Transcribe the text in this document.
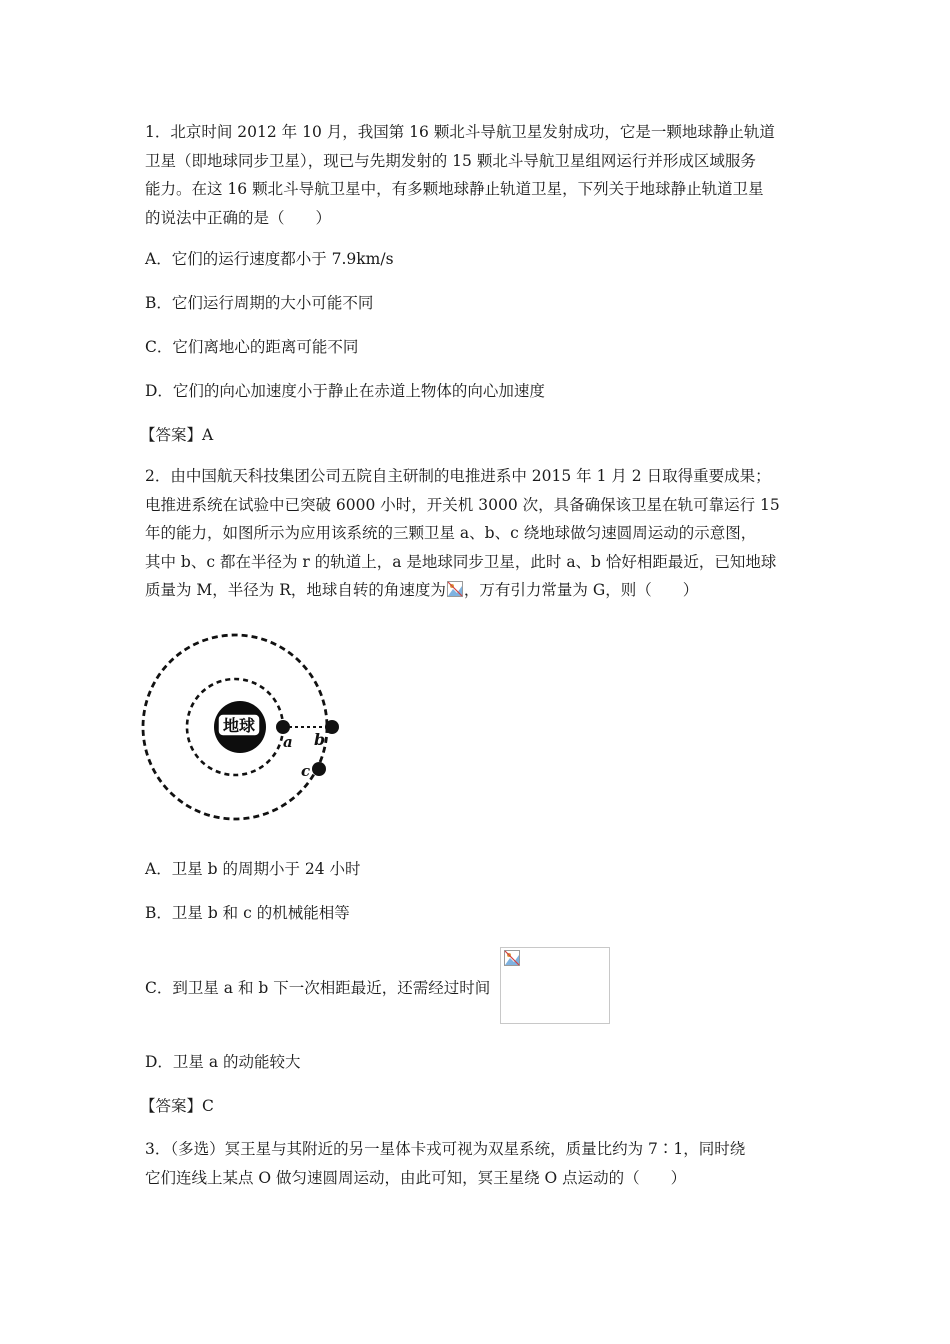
1．北京时间 2012 年 10 月，我国第 16 颗北斗导航卫星发射成功，它是一颗地球静止轨道
卫星（即地球同步卫星），现已与先期发射的 15 颗北斗导航卫星组网运行并形成区域服务
能力。在这 16 颗北斗导航卫星中，有多颗地球静止轨道卫星，下列关于地球静止轨道卫星
的说法中正确的是（　　）

A．它们的运行速度都小于 7.9km/s

B．它们运行周期的大小可能不同

C．它们离地心的距离可能不同

D．它们的向心加速度小于静止在赤道上物体的向心加速度

【答案】A
2．由中国航天科技集团公司五院自主研制的电推进系中 2015 年 1 月 2 日取得重要成果；
电推进系统在试验中已突破 6000 小时，开关机 3000 次，具备确保该卫星在轨可靠运行 15
年的能力，如图所示为应用该系统的三颗卫星 a、b、c 绕地球做匀速圆周运动的示意图，
其中 b、c 都在半径为 r 的轨道上，a 是地球同步卫星，此时 a、b 恰好相距最近，已知地球
质量为 M，半径为 R，地球自转的角速度为 ，万有引力常量为 G，则（　　）
地球
a b
c

A．卫星 b 的周期小于 24 小时

B．卫星 b 和 c 的机械能相等

C．到卫星 a 和 b 下一次相距最近，还需经过时间

D．卫星 a 的动能较大

【答案】C
3．（多选）冥王星与其附近的另一星体卡戎可视为双星系统，质量比约为 7∶1，同时绕
它们连线上某点 O 做匀速圆周运动，由此可知，冥王星绕 O 点运动的（　　）
